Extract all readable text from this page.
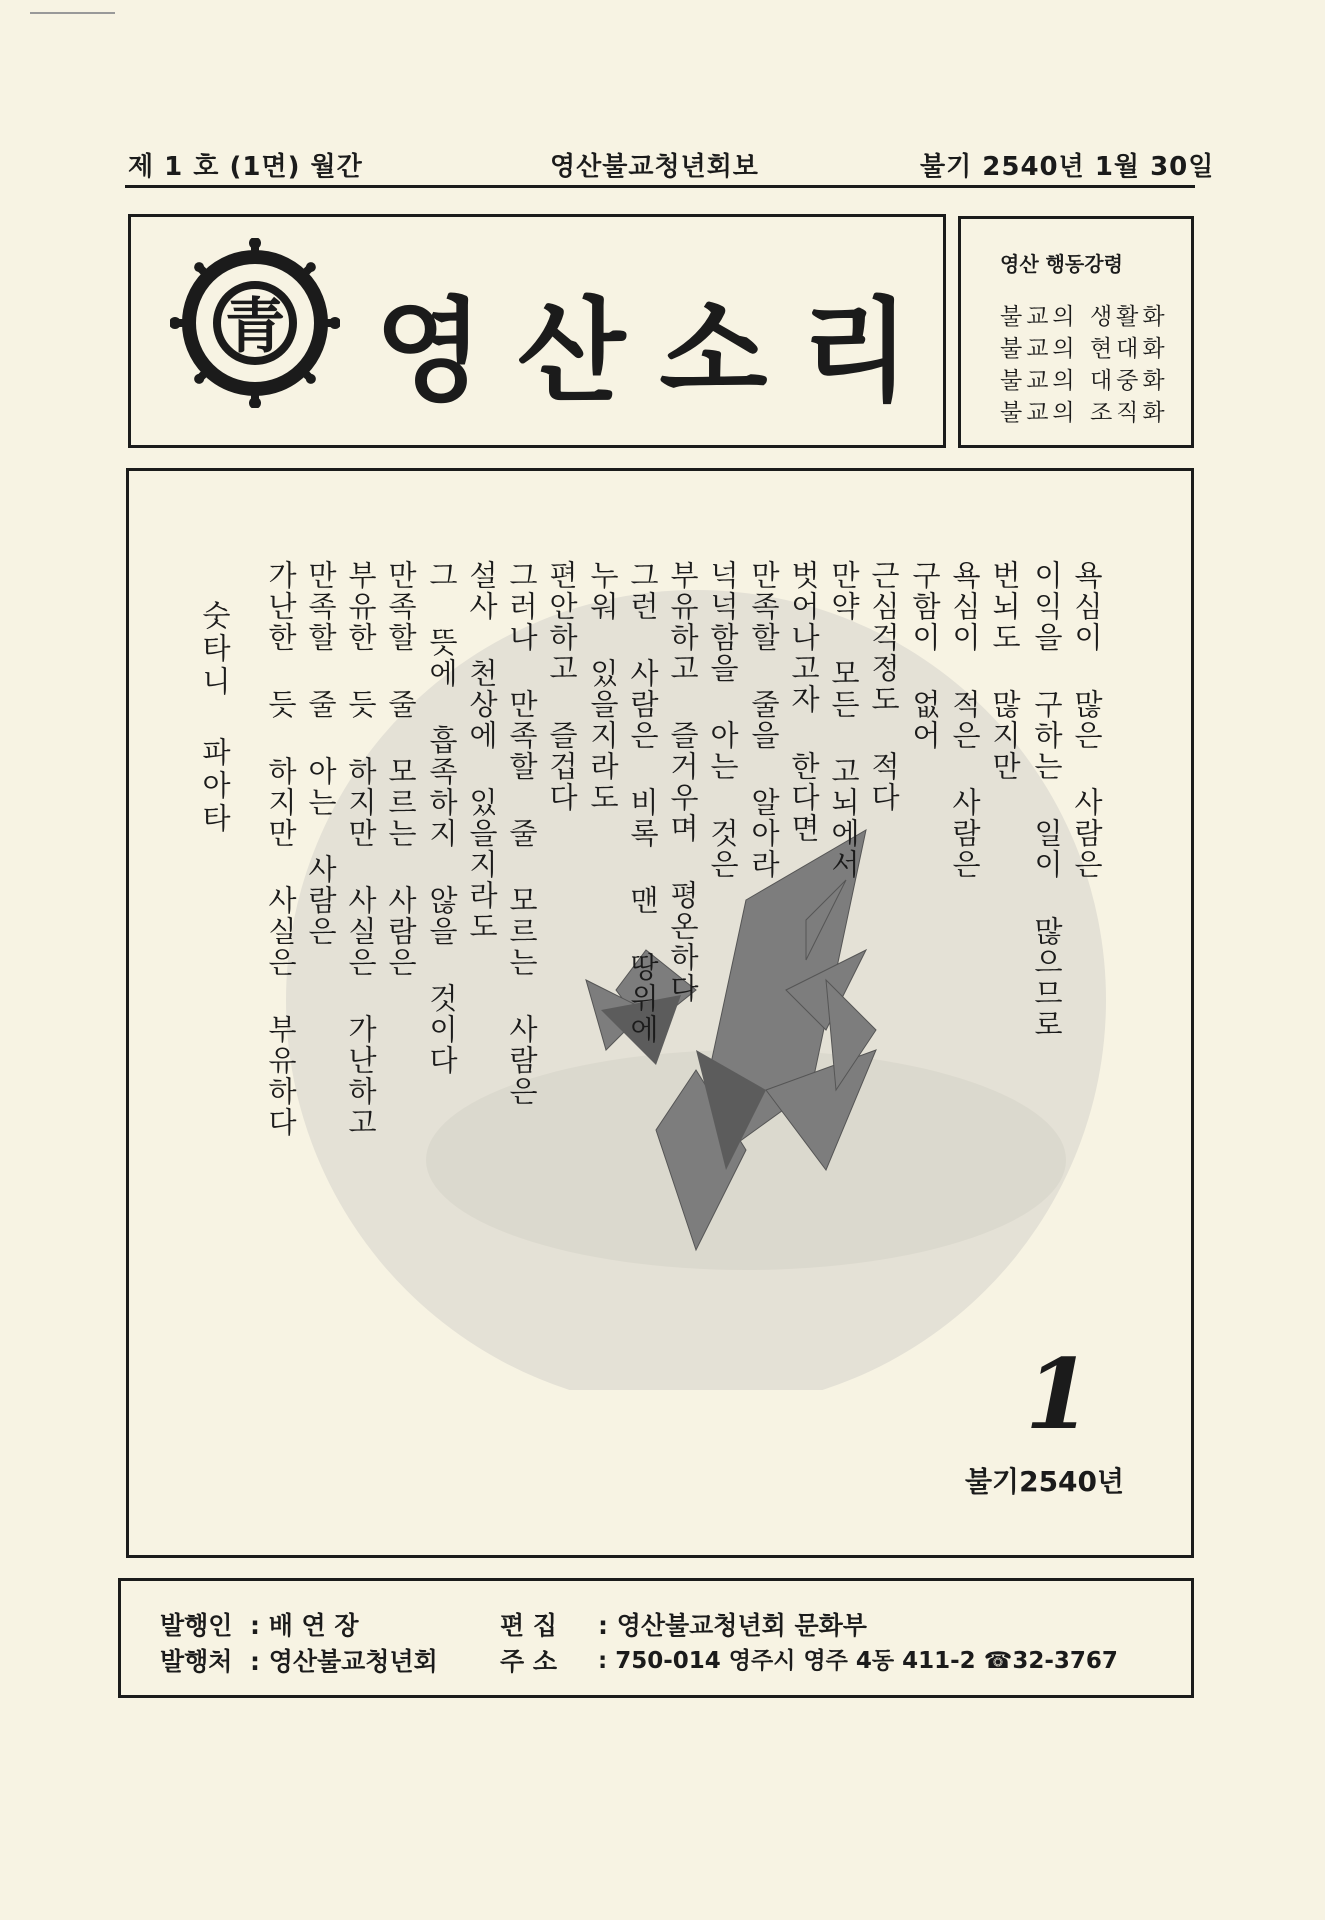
제 1 호 (1면) 월간	영산불교청년회보	불기 2540년 1월 30일
青 영산소리
영산 행동강령
불교의 생활화
불교의 현대화
불교의 대중화
불교의 조직화
욕심이 많은 사람은
이익을 구하는 일이 많으므로
번뇌도 많지만
욕심이 적은 사람은
구함이 없어
근심걱정도 적다
만약 모든 고뇌에서
벗어나고자 한다면
만족할 줄을 알아라
넉넉함을 아는 것은
부유하고 즐거우며 평온하다
그런 사람은 비록 맨 땅위에
누워 있을지라도
편안하고 즐겁다
그러나 만족할 줄 모르는 사람은
설사 천상에 있을지라도
그 뜻에 흡족하지 않을 것이다
만족할 줄 모르는 사람은
부유한 듯 하지만 사실은 가난하고
만족할 줄 아는 사람은
가난한 듯 하지만 사실은 부유하다
숫타니 파아타
1
불기2540년
발행인 : 배 연 장	편 집 : 영산불교청년회 문화부
발행처 : 영산불교청년회 주 소 : 750-014 영주시 영주 4동 411-2 ☎32-3767
